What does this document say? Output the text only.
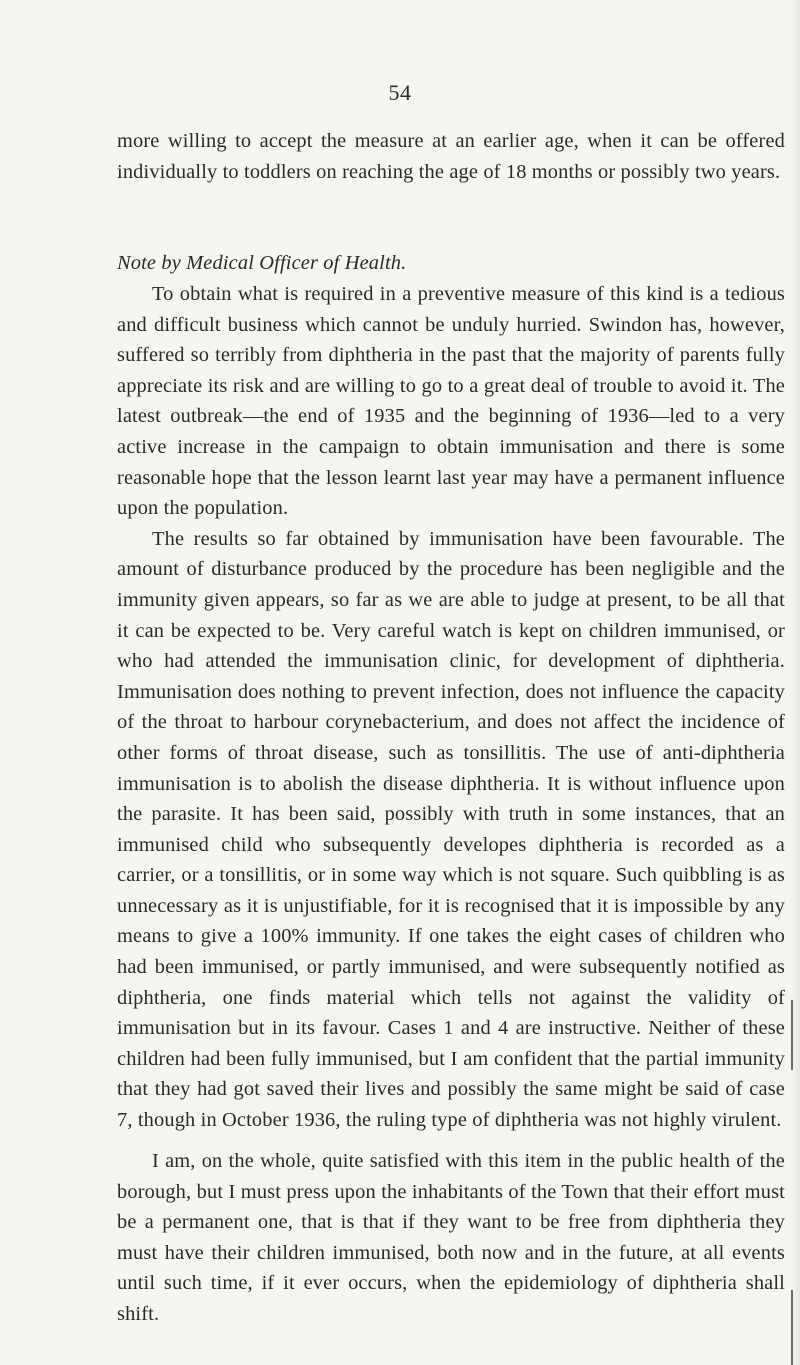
54

more willing to accept the measure at an earlier age, when it can be offered individually to toddlers on reaching the age of 18 months or possibly two years.

Note by Medical Officer of Health.

To obtain what is required in a preventive measure of this kind is a tedious and difficult business which cannot be unduly hurried. Swindon has, however, suffered so terribly from diphtheria in the past that the majority of parents fully appreciate its risk and are willing to go to a great deal of trouble to avoid it. The latest outbreak—the end of 1935 and the beginning of 1936—led to a very active increase in the campaign to obtain immunisation and there is some reasonable hope that the lesson learnt last year may have a permanent influence upon the population.

The results so far obtained by immunisation have been favourable. The amount of disturbance produced by the procedure has been negligible and the immunity given appears, so far as we are able to judge at present, to be all that it can be expected to be. Very careful watch is kept on children immunised, or who had attended the immunisation clinic, for development of diphtheria. Immunisation does nothing to prevent infection, does not influence the capacity of the throat to harbour corynebacterium, and does not affect the incidence of other forms of throat disease, such as tonsillitis. The use of anti-diphtheria immunisation is to abolish the disease diphtheria. It is without influence upon the parasite. It has been said, possibly with truth in some instances, that an immunised child who subsequently developes diphtheria is recorded as a carrier, or a tonsillitis, or in some way which is not square. Such quibbling is as unnecessary as it is unjustifiable, for it is recognised that it is impossible by any means to give a 100% immunity. If one takes the eight cases of children who had been immunised, or partly immunised, and were subsequently notified as diphtheria, one finds material which tells not against the validity of immunisation but in its favour. Cases 1 and 4 are instructive. Neither of these children had been fully immunised, but I am confident that the partial immunity that they had got saved their lives and possibly the same might be said of case 7, though in October 1936, the ruling type of diphtheria was not highly virulent.

I am, on the whole, quite satisfied with this item in the public health of the borough, but I must press upon the inhabitants of the Town that their effort must be a permanent one, that is that if they want to be free from diphtheria they must have their children immunised, both now and in the future, at all events until such time, if it ever occurs, when the epidemiology of diphtheria shall shift.
